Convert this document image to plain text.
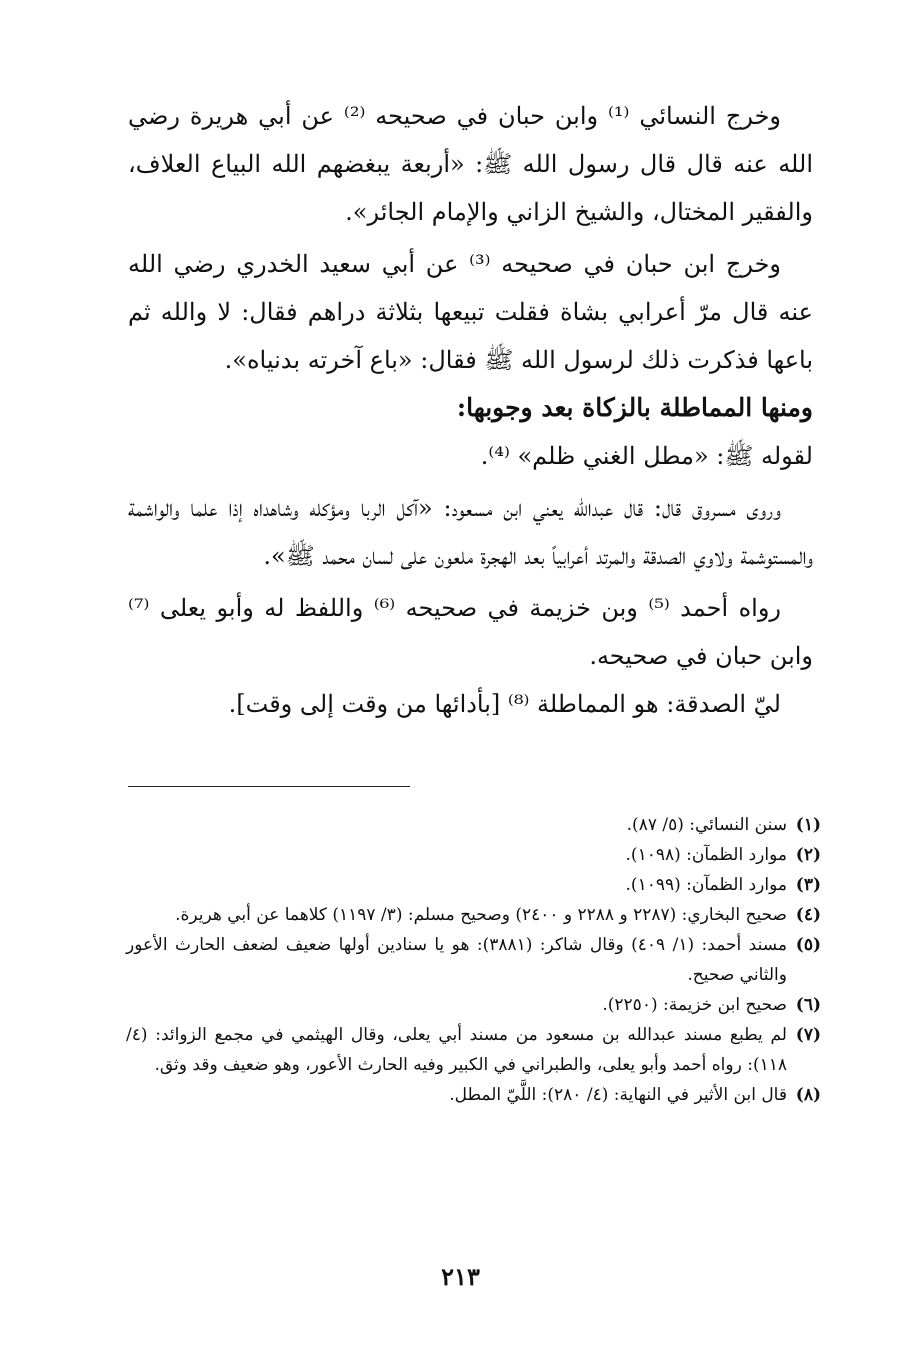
وخرج النسائي ⁽¹⁾ وابن حبان في صحيحه ⁽²⁾ عن أبي هريرة رضي الله عنه قال قال رسول الله ﷺ: «أربعة يبغضهم الله البياع العلاف، والفقير المختال، والشيخ الزاني والإمام الجائر».

وخرج ابن حبان في صحيحه ⁽³⁾ عن أبي سعيد الخدري رضي الله عنه قال مرّ أعرابي بشاة فقلت تبيعها بثلاثة دراهم فقال: لا والله ثم باعها فذكرت ذلك لرسول الله ﷺ فقال: «باع آخرته بدنياه».

ومنها المماطلة بالزكاة بعد وجوبها:

لقوله ﷺ: «مطل الغني ظلم» ⁽⁴⁾.

وروى مسروق قال: قال عبدالله يعني ابن مسعود: «آكل الربا ومؤكله وشاهداه إذا علما والواشمة والمستوشمة ولاوي الصدقة والمرتد أعرابياً بعد الهجرة ملعون على لسان محمد ﷺ».

رواه أحمد ⁽⁵⁾ وبن خزيمة في صحيحه ⁽⁶⁾ واللفظ له وأبو يعلى ⁽⁷⁾ وابن حبان في صحيحه.

ليّ الصدقة: هو المماطلة ⁽⁸⁾ [بأدائها من وقت إلى وقت].

(١)
سنن النسائي: (٥/ ٨٧).
(٢)
موارد الظمآن: (١٠٩٨).
(٣)
موارد الظمآن: (١٠٩٩).
(٤)
صحيح البخاري: (٢٢٨٧ و ٢٢٨٨ و ٢٤٠٠) وصحيح مسلم: (٣/ ١١٩٧) كلاهما عن أبي هريرة.
(٥)
مسند أحمد: (١/ ٤٠٩) وقال شاكر: (٣٨٨١): هو يا سنادين أولها ضعيف لضعف الحارث الأعور والثاني صحيح.
(٦)
صحيح ابن خزيمة: (٢٢٥٠).
(٧)
لم يطبع مسند عبدالله بن مسعود من مسند أبي يعلى، وقال الهيثمي في مجمع الزوائد: (٤/ ١١٨): رواه أحمد وأبو يعلى، والطبراني في الكبير وفيه الحارث الأعور، وهو ضعيف وقد وثق.
(٨)
قال ابن الأثير في النهاية: (٤/ ٢٨٠): اللَّيّ المطل.
٢١٣
